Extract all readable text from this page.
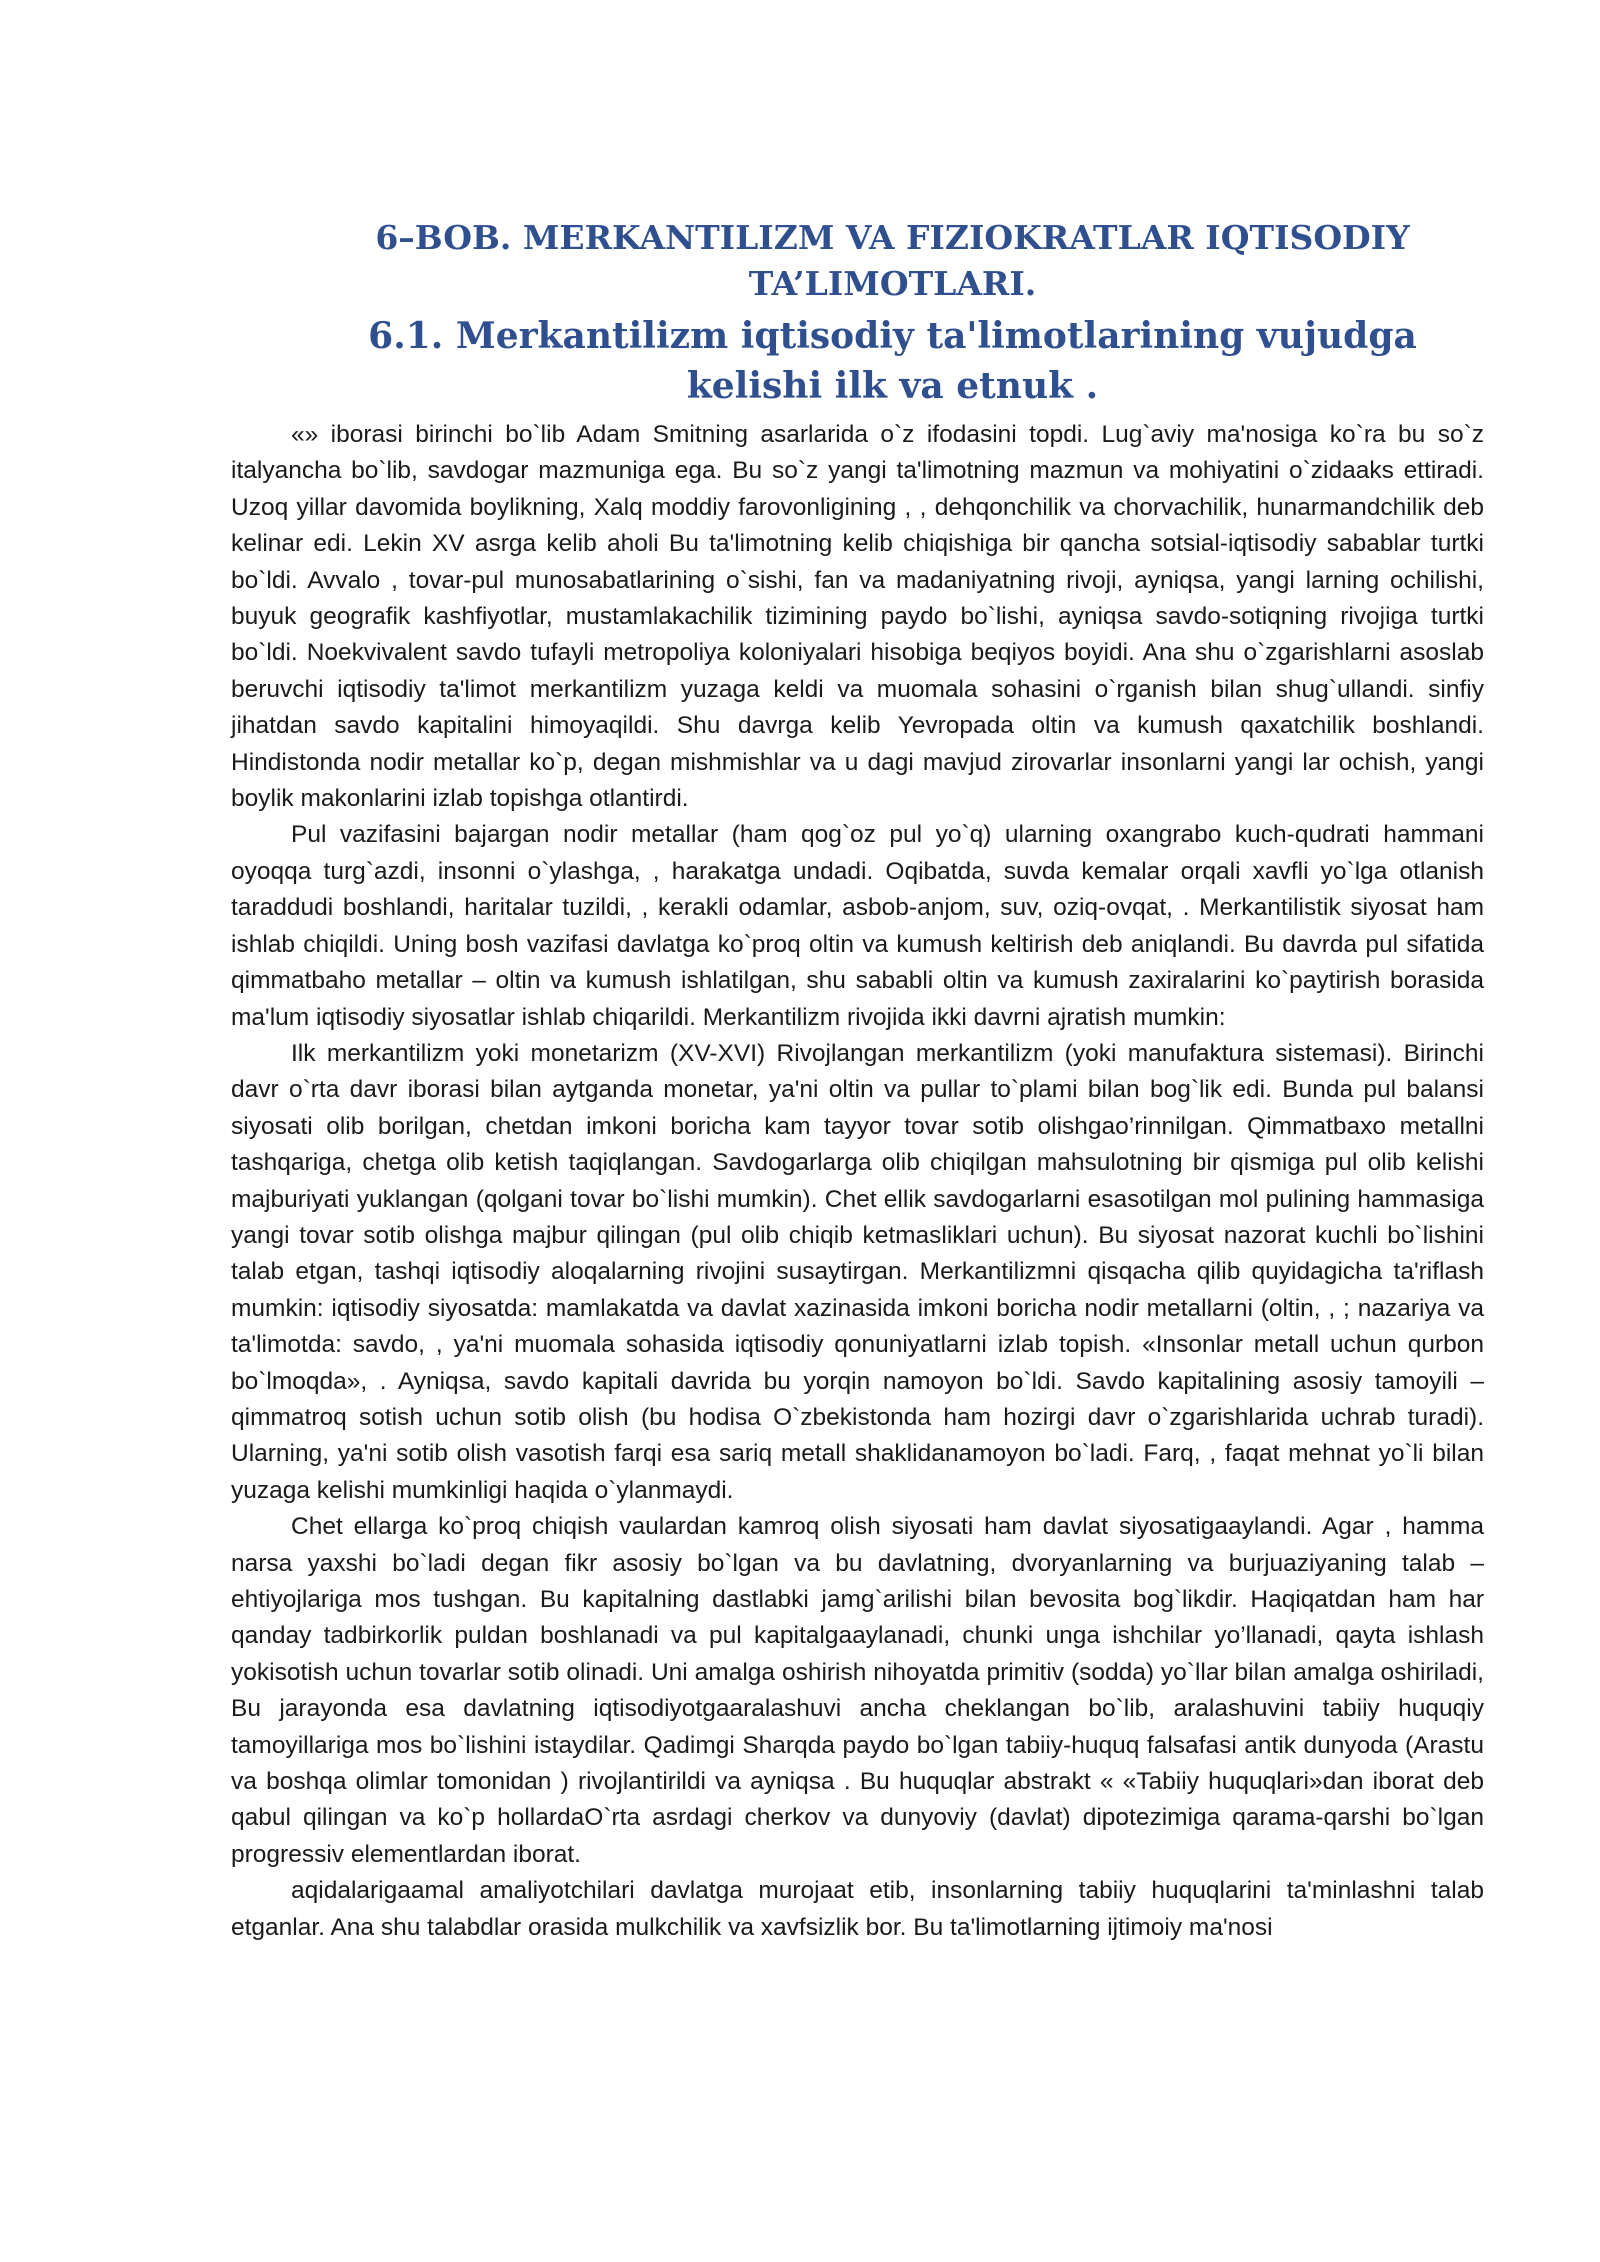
6–BOB. MERKANTILIZM VA FIZIOKRATLAR IQTISODIY TA’LIMOTLARI.
6.1. Merkantilizm iqtisodiy ta'limotlarining vujudga kelishi ilk va etnuk .

«» iborasi birinchi bo`lib Adam Smitning asarlarida o`z ifodasini topdi. Lug`aviy ma'nosiga ko`ra bu so`z italyancha bo`lib, savdogar mazmuniga ega. Bu so`z yangi ta'limotning mazmun va mohiyatini o`zidaaks ettiradi. Uzoq yillar davomida boylikning, Xalq moddiy farovonligining , , dehqonchilik va chorvachilik, hunarmandchilik deb kelinar edi. Lekin XV asrga kelib aholi Bu ta'limotning kelib chiqishiga bir qancha sotsial-iqtisodiy sabablar turtki bo`ldi. Avvalo , tovar-pul munosabatlarining o`sishi, fan va madaniyatning rivoji, ayniqsa, yangi larning ochilishi, buyuk geografik kashfiyotlar, mustamlakachilik tizimining paydo bo`lishi, ayniqsa savdo-sotiqning rivojiga turtki bo`ldi. Noekvivalent savdo tufayli metropoliya koloniyalari hisobiga beqiyos boyidi. Ana shu o`zgarishlarni asoslab beruvchi iqtisodiy ta'limot merkantilizm yuzaga keldi va muomala sohasini o`rganish bilan shug`ullandi. sinfiy jihatdan savdo kapitalini himoyaqildi. Shu davrga kelib Yevropada oltin va kumush qaxatchilik boshlandi. Hindistonda nodir metallar ko`p, degan mishmishlar va u dagi mavjud zirovarlar insonlarni yangi lar ochish, yangi boylik makonlarini izlab topishga otlantirdi.

Pul vazifasini bajargan nodir metallar (ham qog`oz pul yo`q) ularning oxangrabo kuch-qudrati hammani oyoqqa turg`azdi, insonni o`ylashga, , harakatga undadi. Oqibatda, suvda kemalar orqali xavfli yo`lga otlanish taraddudi boshlandi, haritalar tuzildi, , kerakli odamlar, asbob-anjom, suv, oziq-ovqat, . Merkantilistik siyosat ham ishlab chiqildi. Uning bosh vazifasi davlatga ko`proq oltin va kumush keltirish deb aniqlandi. Bu davrda pul sifatida qimmatbaho metallar – oltin va kumush ishlatilgan, shu sababli oltin va kumush zaxiralarini ko`paytirish borasida ma'lum iqtisodiy siyosatlar ishlab chiqarildi. Merkantilizm rivojida ikki davrni ajratish mumkin:

Ilk merkantilizm yoki monetarizm (XV-XVI) Rivojlangan merkantilizm (yoki manufaktura sistemasi). Birinchi davr o`rta davr iborasi bilan aytganda monetar, ya'ni oltin va pullar to`plami bilan bog`lik edi. Bunda pul balansi siyosati olib borilgan, chetdan imkoni boricha kam tayyor tovar sotib olishgao’rinnilgan. Qimmatbaxo metallni tashqariga, chetga olib ketish taqiqlangan. Savdogarlarga olib chiqilgan mahsulotning bir qismiga pul olib kelishi majburiyati yuklangan (qolgani tovar bo`lishi mumkin). Chet ellik savdogarlarni esasotilgan mol pulining hammasiga yangi tovar sotib olishga majbur qilingan (pul olib chiqib ketmasliklari uchun). Bu siyosat nazorat kuchli bo`lishini talab etgan, tashqi iqtisodiy aloqalarning rivojini susaytirgan. Merkantilizmni qisqacha qilib quyidagicha ta'riflash mumkin: iqtisodiy siyosatda: mamlakatda va davlat xazinasida imkoni boricha nodir metallarni (oltin, , ; nazariya va ta'limotda: savdo, , ya'ni muomala sohasida iqtisodiy qonuniyatlarni izlab topish. «Insonlar metall uchun qurbon bo`lmoqda», . Ayniqsa, savdo kapitali davrida bu yorqin namoyon bo`ldi. Savdo kapitalining asosiy tamoyili – qimmatroq sotish uchun sotib olish (bu hodisa O`zbekistonda ham hozirgi davr o`zgarishlarida uchrab turadi). Ularning, ya'ni sotib olish vasotish farqi esa sariq metall shaklidanamoyon bo`ladi. Farq, , faqat mehnat yo`li bilan yuzaga kelishi mumkinligi haqida o`ylanmaydi.

Chet ellarga ko`proq chiqish vaulardan kamroq olish siyosati ham davlat siyosatigaaylandi. Agar , hamma narsa yaxshi bo`ladi degan fikr asosiy bo`lgan va bu davlatning, dvoryanlarning va burjuaziyaning talab – ehtiyojlariga mos tushgan. Bu kapitalning dastlabki jamg`arilishi bilan bevosita bog`likdir. Haqiqatdan ham har qanday tadbirkorlik puldan boshlanadi va pul kapitalgaaylanadi, chunki unga ishchilar yo’llanadi, qayta ishlash yokisotish uchun tovarlar sotib olinadi. Uni amalga oshirish nihoyatda primitiv (sodda) yo`llar bilan amalga oshiriladi, Bu jarayonda esa davlatning iqtisodiyotgaaralashuvi ancha cheklangan bo`lib, aralashuvini tabiiy huquqiy tamoyillariga mos bo`lishini istaydilar. Qadimgi Sharqda paydo bo`lgan tabiiy-huquq falsafasi antik dunyoda (Arastu va boshqa olimlar tomonidan ) rivojlantirildi va ayniqsa . Bu huquqlar abstrakt « «Tabiiy huquqlari»dan iborat deb qabul qilingan va ko`p hollardaO`rta asrdagi cherkov va dunyoviy (davlat) dipotezimiga qarama-qarshi bo`lgan progressiv elementlardan iborat.

aqidalarigaamal amaliyotchilari davlatga murojaat etib, insonlarning tabiiy huquqlarini ta'minlashni talab etganlar. Ana shu talabdlar orasida mulkchilik va xavfsizlik bor. Bu ta'limotlarning ijtimoiy ma'nosi
